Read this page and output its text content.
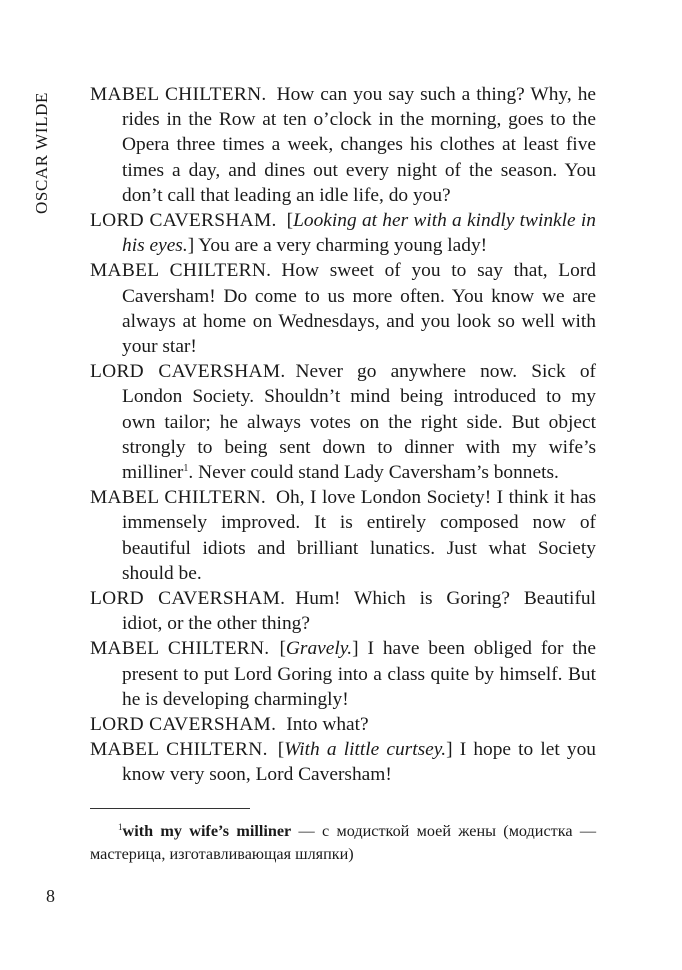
OSCAR WILDE MABEL CHILTERN. How can you say such a thing? Why, he rides in the Row at ten o’clock in the morning, goes to the Opera three times a week, changes his clothes at least five times a day, and dines out every night of the season. You don’t call that leading an idle life, do you?

LORD CAVERSHAM. [Looking at her with a kindly twinkle in his eyes.] You are a very charming young lady!

MABEL CHILTERN. How sweet of you to say that, Lord Caversham! Do come to us more often. You know we are always at home on Wednesdays, and you look so well with your star!

LORD CAVERSHAM. Never go anywhere now. Sick of London Society. Shouldn’t mind being introduced to my own tailor; he always votes on the right side. But object strongly to being sent down to dinner with my wife’s milliner$^1$. Never could stand Lady Caversham’s bonnets.

MABEL CHILTERN. Oh, I love London Society! I think it has immensely improved. It is entirely composed now of beautiful idiots and brilliant lunatics. Just what Society should be.

LORD CAVERSHAM. Hum! Which is Goring? Beautiful idiot, or the other thing?

MABEL CHILTERN. [Gravely.] I have been obliged for the present to put Lord Goring into a class quite by himself. But he is developing charmingly!

LORD CAVERSHAM. Into what?

MABEL CHILTERN. [With a little curtsey.] I hope to let you know very soon, Lord Caversham!

$^1$with my wife’s milliner — с модисткой моей жены (модистка — мастерица, изготавливающая шляпки)
8
